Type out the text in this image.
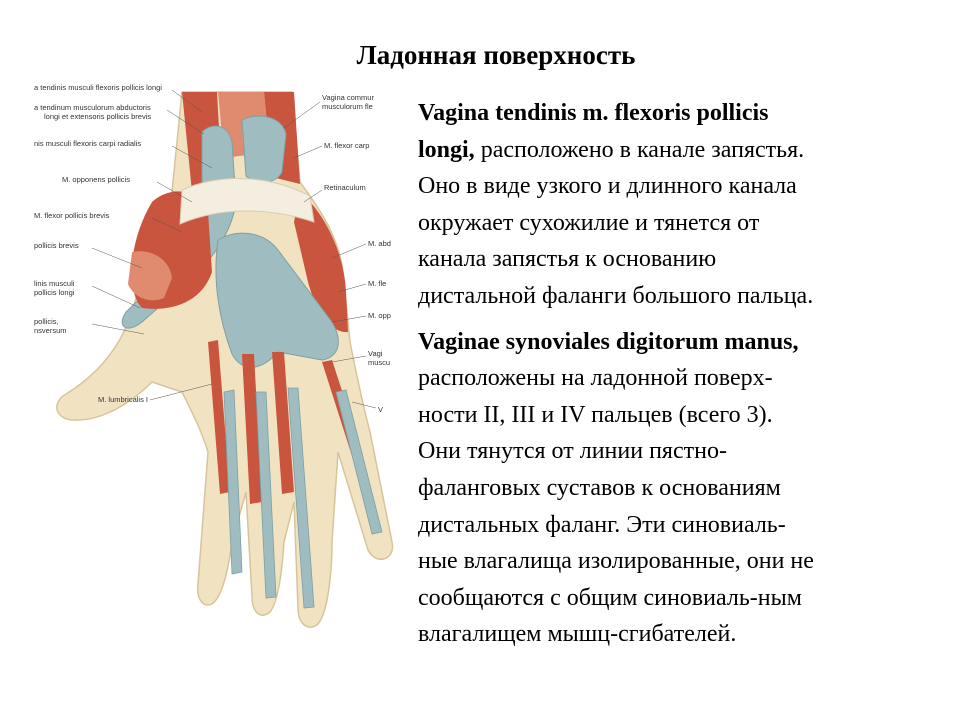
Ладонная поверхность
a tendinis musculi flexoris pollicis longi
a tendinum musculorum abductoris
longi et extensoris pollicis brevis
nis musculi flexoris carpi radialis
M. opponens pollicis
M. flexor pollicis brevis
pollicis brevis
linis musculi
pollicis longi
pollicis,
nsversum
M. lumbricalis I
Vagina commur
musculorum fle
M. flexor carp
Retinaculum
M. abd
M. fle
M. opp
Vagi
muscu
V

Vagina tendinis m. flexoris pollicis
longi, расположено в канале запястья.
Оно в виде узкого и длинного канала
окружает сухожилие и тянется от
канала запястья к основанию
дистальной фаланги большого пальца.

Vaginae synoviales digitorum manus,
расположены на ладонной поверх-
ности II, III и IV пальцев (всего 3).
Они тянутся от линии пястно-
фаланговых суставов к основаниям
дистальных фаланг. Эти синовиаль-
ные влагалища изолированные, они не
сообщаются с общим синовиаль-ным
влагалищем мышц-сгибателей.
